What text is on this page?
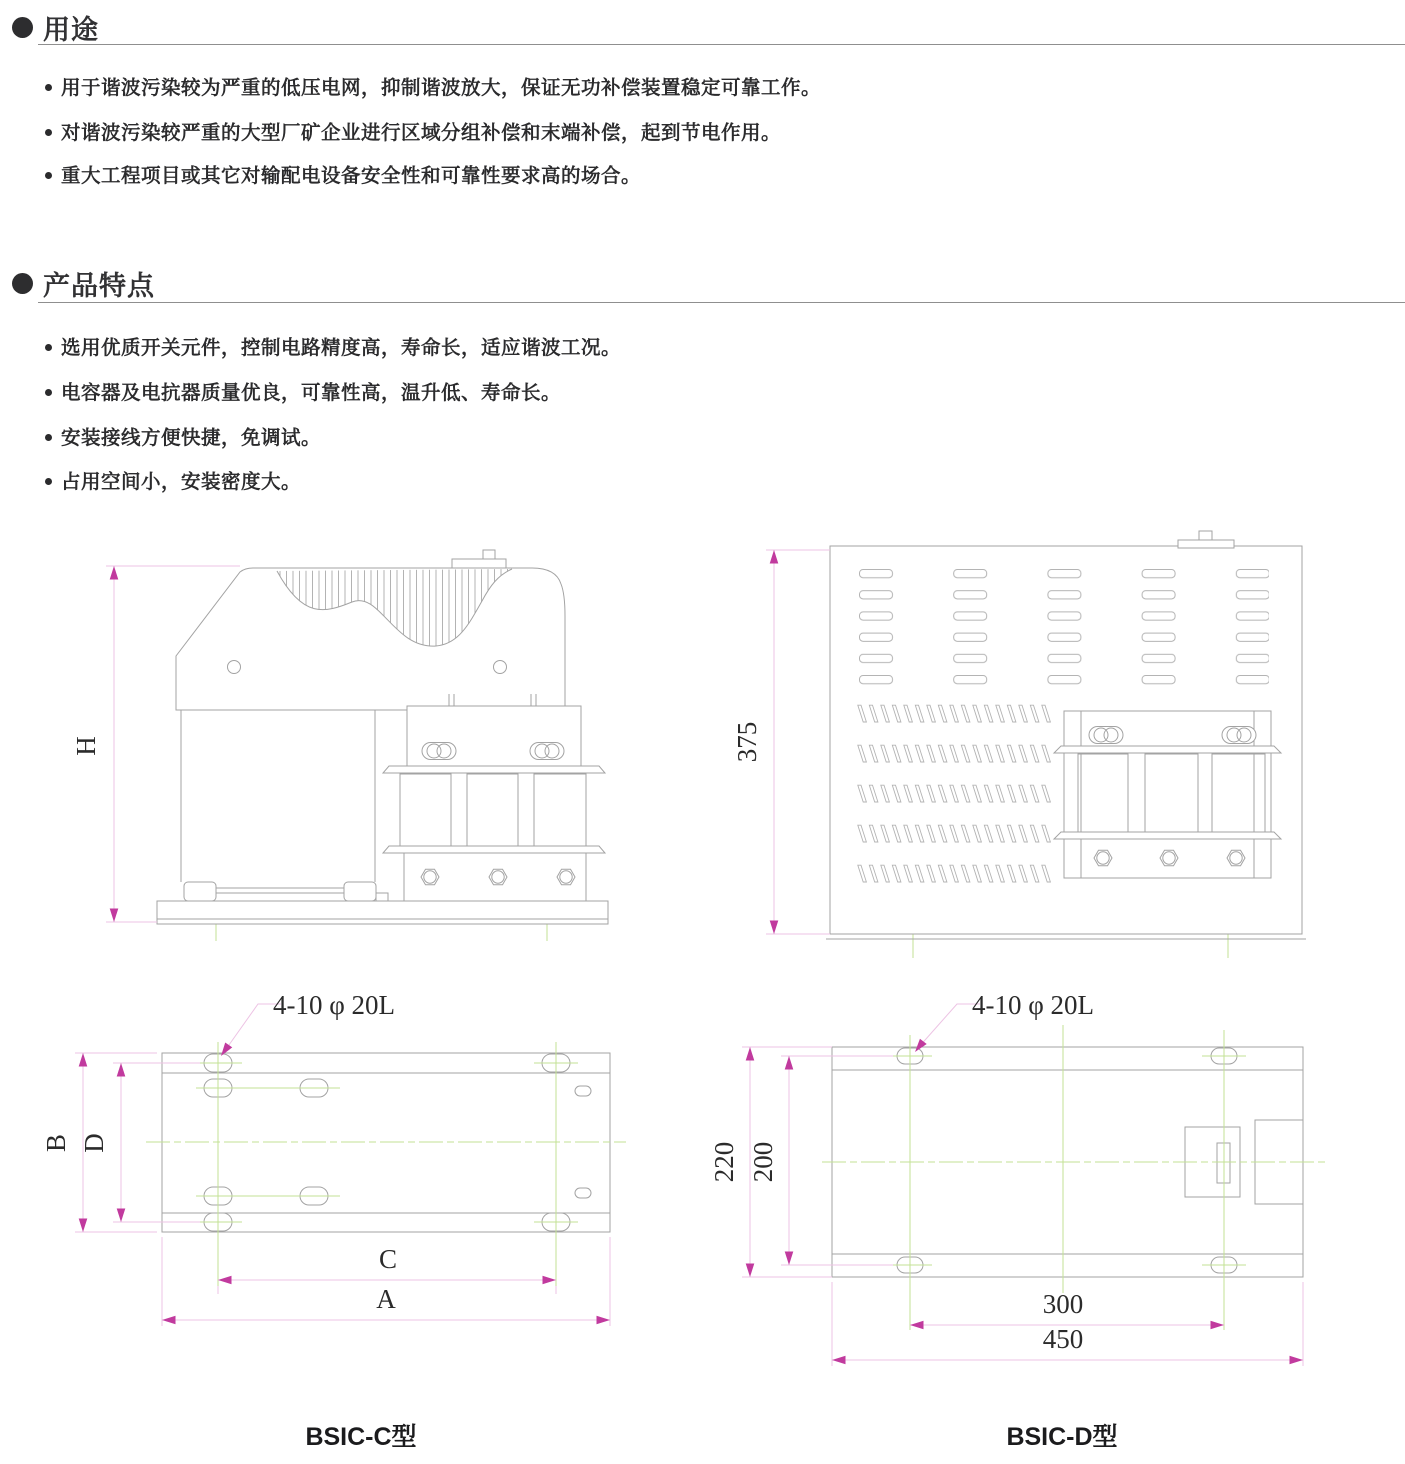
用途
用于谐波污染较为严重的低压电网，抑制谐波放大，保证无功补偿装置稳定可靠工作。
对谐波污染较严重的大型厂矿企业进行区域分组补偿和末端补偿，起到节电作用。
重大工程项目或其它对输配电设备安全性和可靠性要求高的场合。
产品特点
选用优质开关元件，控制电路精度高，寿命长，适应谐波工况。
电容器及电抗器质量优良，可靠性高，温升低、寿命长。
安装接线方便快捷，免调试。
占用空间小，安装密度大。
H	375
B D
C
A
4-10 φ 20L
BSIC-C型
220 200
300
450
4-10 φ 20L
BSIC-D型
